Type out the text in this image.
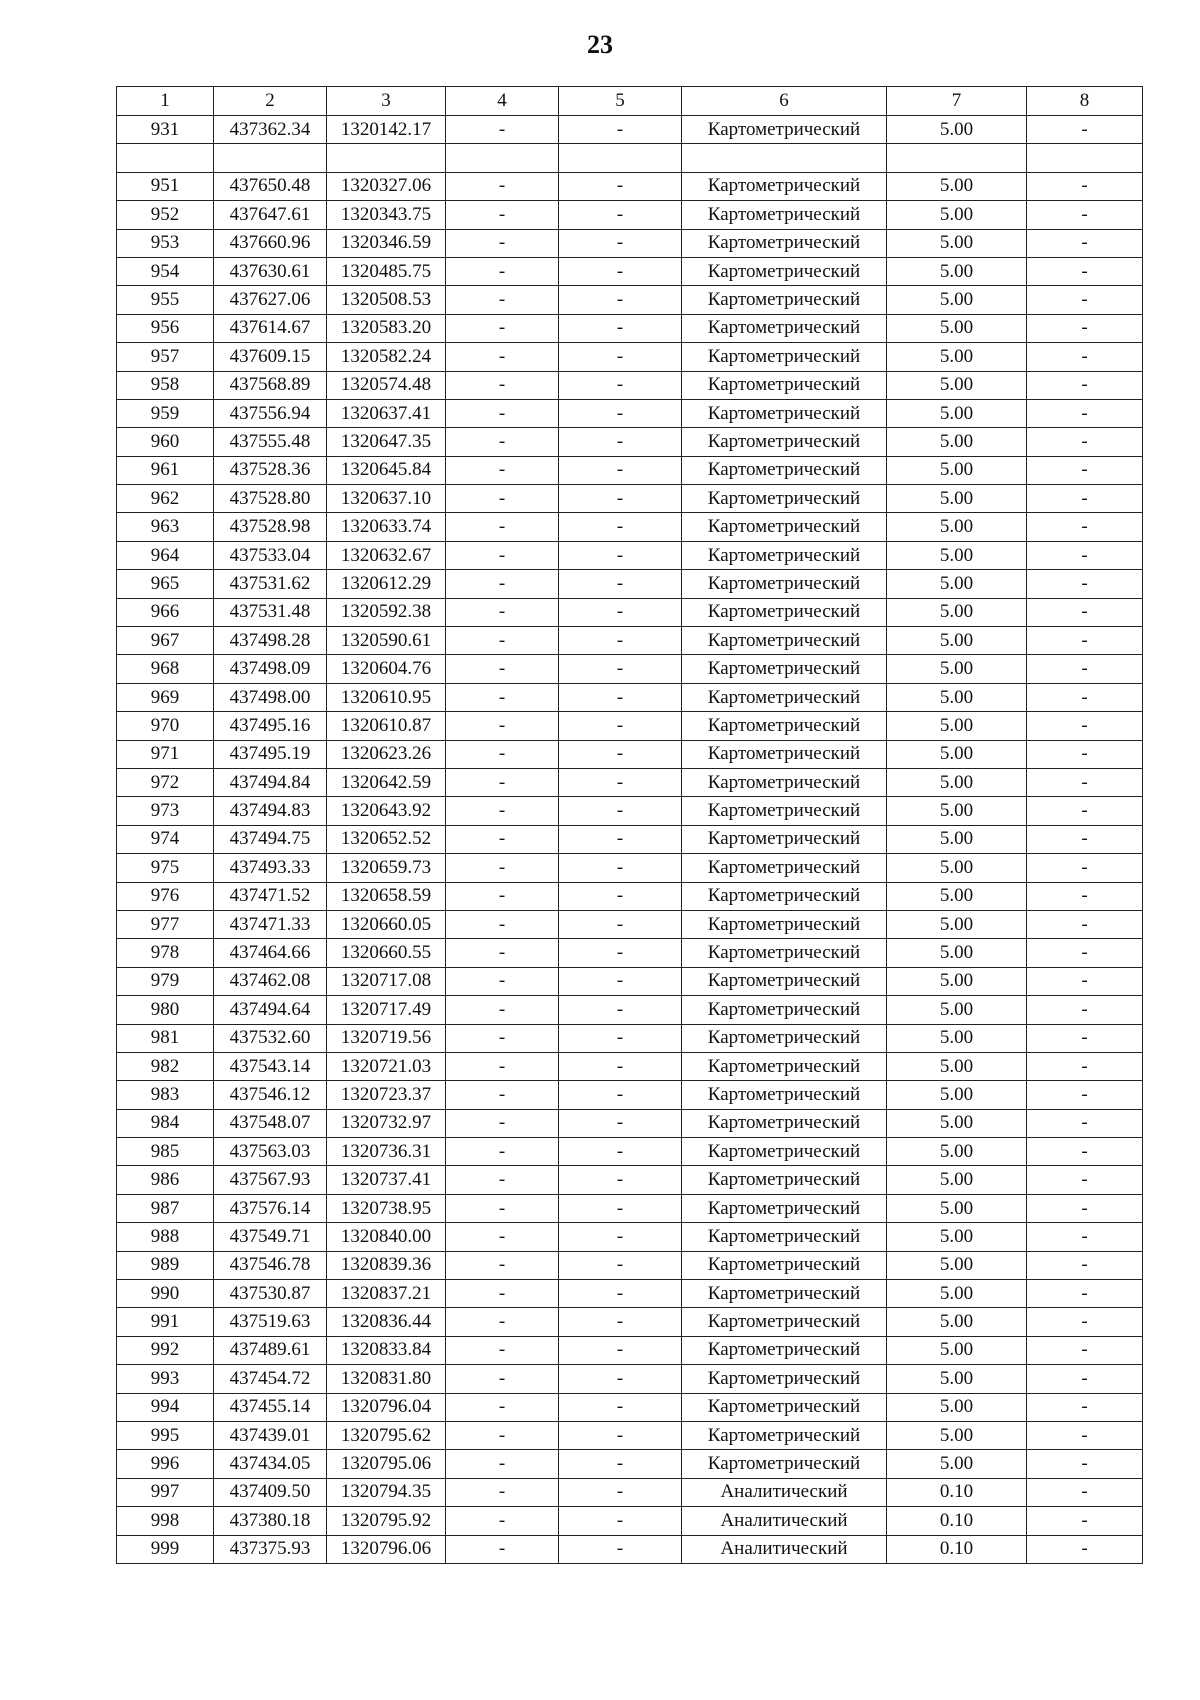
23
1	2	3	4	5	6	7	8
931	437362.34	1320142.17	-	-	Картометрический	5.00	-

951	437650.48	1320327.06	-	-	Картометрический	5.00	-
952	437647.61	1320343.75	-	-	Картометрический	5.00	-
953	437660.96	1320346.59	-	-	Картометрический	5.00	-
954	437630.61	1320485.75	-	-	Картометрический	5.00	-
955	437627.06	1320508.53	-	-	Картометрический	5.00	-
956	437614.67	1320583.20	-	-	Картометрический	5.00	-
957	437609.15	1320582.24	-	-	Картометрический	5.00	-
958	437568.89	1320574.48	-	-	Картометрический	5.00	-
959	437556.94	1320637.41	-	-	Картометрический	5.00	-
960	437555.48	1320647.35	-	-	Картометрический	5.00	-
961	437528.36	1320645.84	-	-	Картометрический	5.00	-
962	437528.80	1320637.10	-	-	Картометрический	5.00	-
963	437528.98	1320633.74	-	-	Картометрический	5.00	-
964	437533.04	1320632.67	-	-	Картометрический	5.00	-
965	437531.62	1320612.29	-	-	Картометрический	5.00	-
966	437531.48	1320592.38	-	-	Картометрический	5.00	-
967	437498.28	1320590.61	-	-	Картометрический	5.00	-
968	437498.09	1320604.76	-	-	Картометрический	5.00	-
969	437498.00	1320610.95	-	-	Картометрический	5.00	-
970	437495.16	1320610.87	-	-	Картометрический	5.00	-
971	437495.19	1320623.26	-	-	Картометрический	5.00	-
972	437494.84	1320642.59	-	-	Картометрический	5.00	-
973	437494.83	1320643.92	-	-	Картометрический	5.00	-
974	437494.75	1320652.52	-	-	Картометрический	5.00	-
975	437493.33	1320659.73	-	-	Картометрический	5.00	-
976	437471.52	1320658.59	-	-	Картометрический	5.00	-
977	437471.33	1320660.05	-	-	Картометрический	5.00	-
978	437464.66	1320660.55	-	-	Картометрический	5.00	-
979	437462.08	1320717.08	-	-	Картометрический	5.00	-
980	437494.64	1320717.49	-	-	Картометрический	5.00	-
981	437532.60	1320719.56	-	-	Картометрический	5.00	-
982	437543.14	1320721.03	-	-	Картометрический	5.00	-
983	437546.12	1320723.37	-	-	Картометрический	5.00	-
984	437548.07	1320732.97	-	-	Картометрический	5.00	-
985	437563.03	1320736.31	-	-	Картометрический	5.00	-
986	437567.93	1320737.41	-	-	Картометрический	5.00	-
987	437576.14	1320738.95	-	-	Картометрический	5.00	-
988	437549.71	1320840.00	-	-	Картометрический	5.00	-
989	437546.78	1320839.36	-	-	Картометрический	5.00	-
990	437530.87	1320837.21	-	-	Картометрический	5.00	-
991	437519.63	1320836.44	-	-	Картометрический	5.00	-
992	437489.61	1320833.84	-	-	Картометрический	5.00	-
993	437454.72	1320831.80	-	-	Картометрический	5.00	-
994	437455.14	1320796.04	-	-	Картометрический	5.00	-
995	437439.01	1320795.62	-	-	Картометрический	5.00	-
996	437434.05	1320795.06	-	-	Картометрический	5.00	-
997	437409.50	1320794.35	-	-	Аналитический	0.10	-
998	437380.18	1320795.92	-	-	Аналитический	0.10	-
999	437375.93	1320796.06	-	-	Аналитический	0.10	-
